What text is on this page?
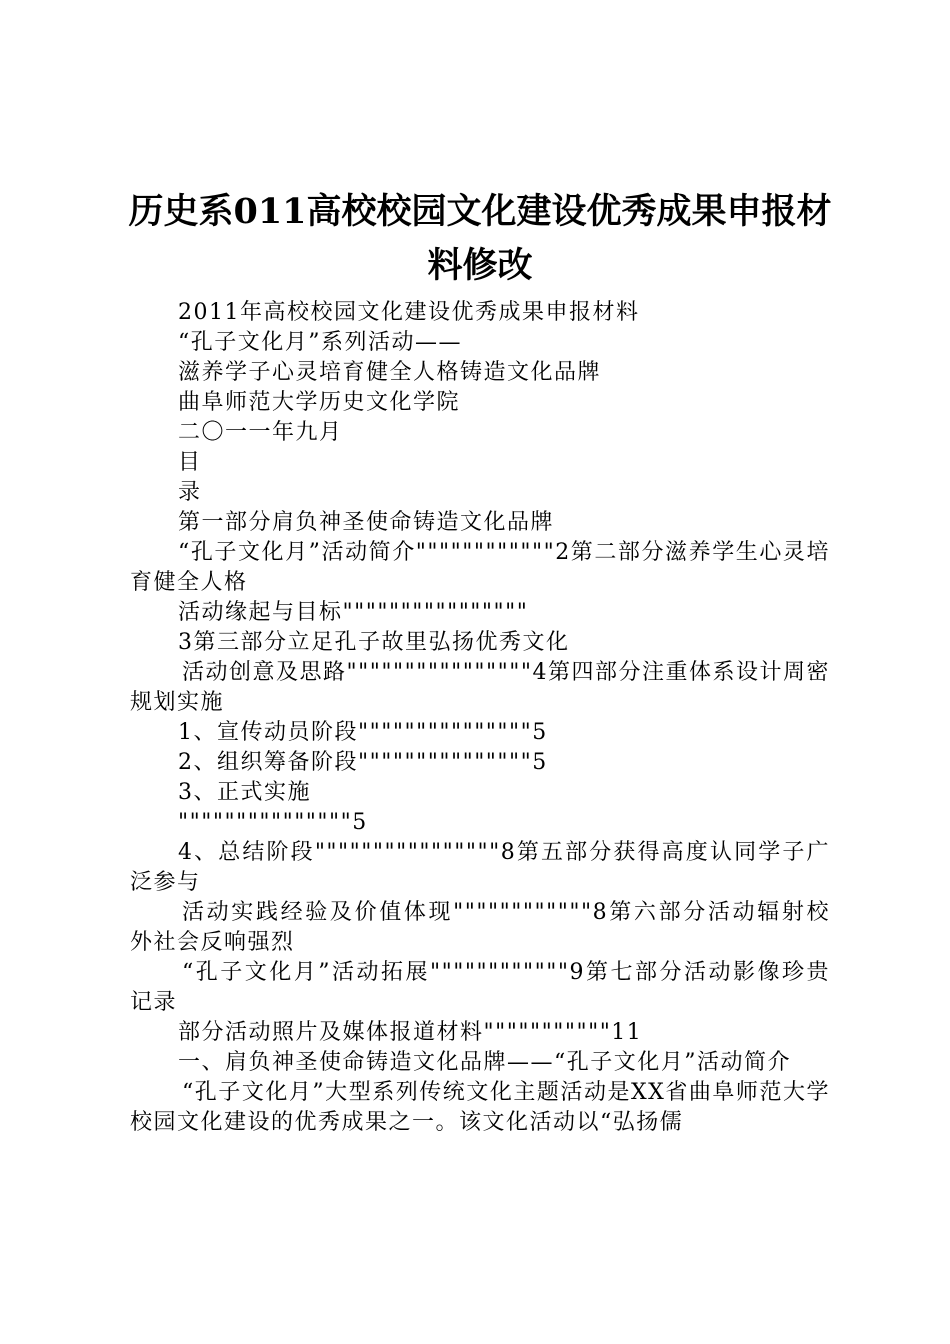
历史系011高校校园文化建设优秀成果申报材
料修改

2011年高校校园文化建设优秀成果申报材料

“孔子文化月”系列活动——

滋养学子心灵培育健全人格铸造文化品牌

曲阜师范大学历史文化学院

二〇一一年九月

目

录

第一部分肩负神圣使命铸造文化品牌

“孔子文化月”活动简介""""""""""""2第二部分滋养学生心灵培育健全人格

活动缘起与目标""""""""""""""""

3第三部分立足孔子故里弘扬优秀文化

活动创意及思路""""""""""""""""4第四部分注重体系设计周密规划实施

1、宣传动员阶段"""""""""""""""5

2、组织筹备阶段"""""""""""""""5

3、正式实施

"""""""""""""""5

4、总结阶段""""""""""""""""8第五部分获得高度认同学子广泛参与

活动实践经验及价值体现""""""""""""8第六部分活动辐射校外社会反响强烈

“孔子文化月”活动拓展""""""""""""9第七部分活动影像珍贵记录

部分活动照片及媒体报道材料"""""""""""11

一、肩负神圣使命铸造文化品牌——“孔子文化月”活动简介

“孔子文化月”大型系列传统文化主题活动是XX省曲阜师范大学校园文化建设的优秀成果之一。该文化活动以“弘扬儒
